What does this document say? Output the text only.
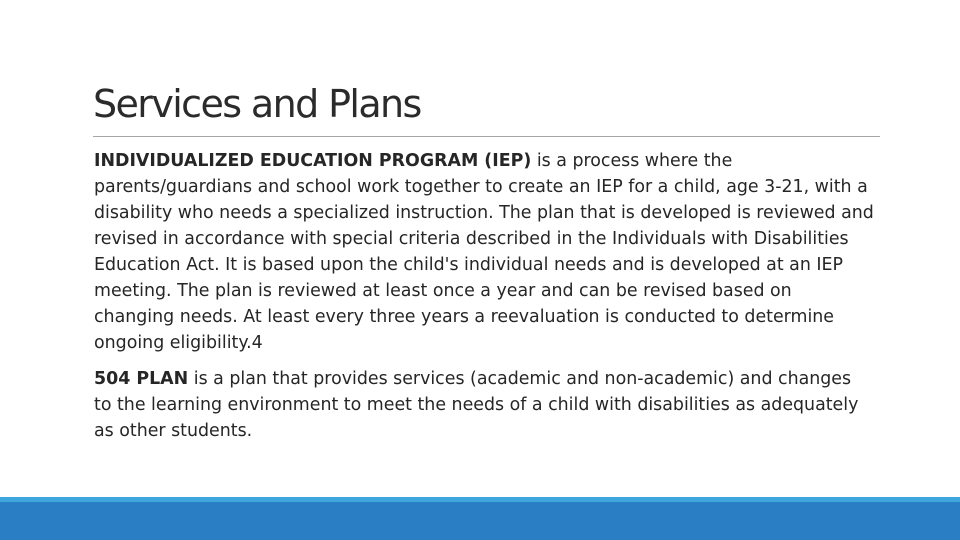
Services and Plans

INDIVIDUALIZED EDUCATION PROGRAM (IEP) is a process where the parents/guardians and school work together to create an IEP for a child, age 3-21, with a disability who needs a specialized instruction. The plan that is developed is reviewed and revised in accordance with special criteria described in the Individuals with Disabilities Education Act. It is based upon the child's individual needs and is developed at an IEP meeting. The plan is reviewed at least once a year and can be revised based on changing needs. At least every three years a reevaluation is conducted to determine ongoing eligibility.4

504 PLAN is a plan that provides services (academic and non-academic) and changes to the learning environment to meet the needs of a child with disabilities as adequately as other students.
